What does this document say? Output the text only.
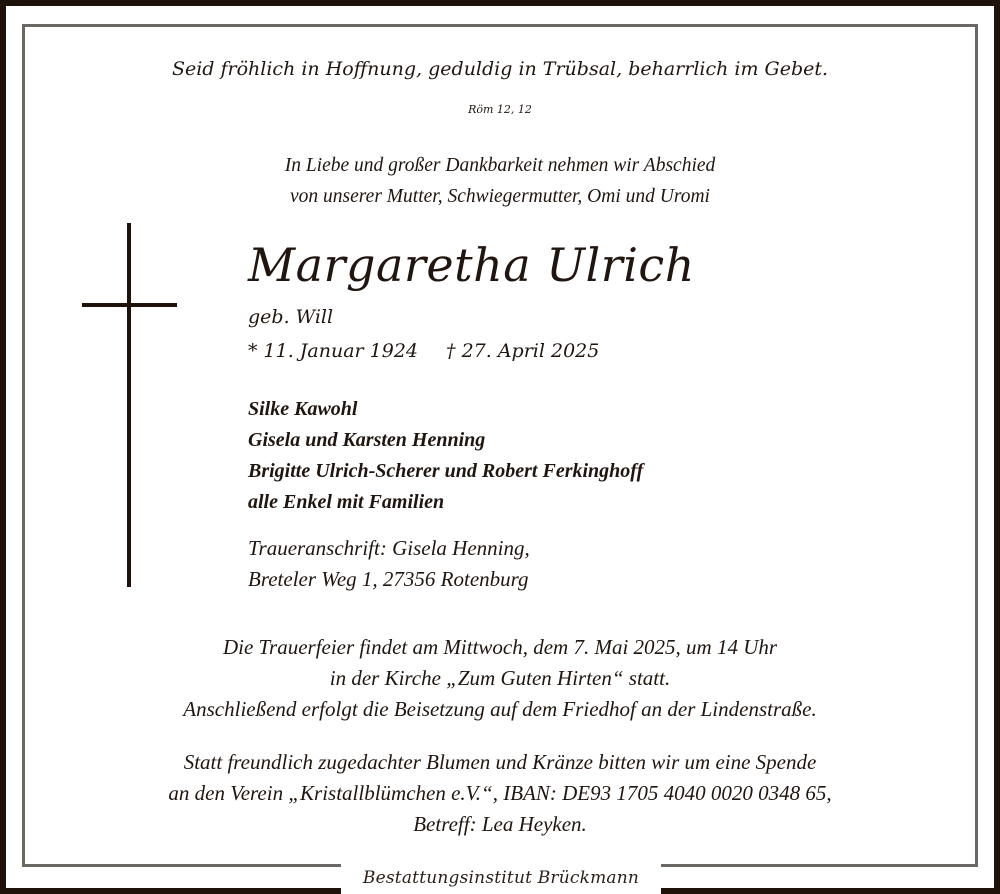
Bestattungsinstitut Brückmann
Seid fröhlich in Hoffnung, geduldig in Trübsal, beharrlich im Gebet.
Röm 12, 12
In Liebe und großer Dankbarkeit nehmen wir Abschied
von unserer Mutter, Schwiegermutter, Omi und Uromi
Margaretha Ulrich
geb. Will
* 11. Januar 1924 † 27. April 2025
Silke Kawohl
Gisela und Karsten Henning
Brigitte Ulrich-Scherer und Robert Ferkinghoff
alle Enkel mit Familien
Traueranschrift: Gisela Henning,
Breteler Weg 1, 27356 Rotenburg
Die Trauerfeier findet am Mittwoch, dem 7. Mai 2025, um 14 Uhr
in der Kirche „Zum Guten Hirten“ statt.
Anschließend erfolgt die Beisetzung auf dem Friedhof an der Lindenstraße.
Statt freundlich zugedachter Blumen und Kränze bitten wir um eine Spende
an den Verein „Kristallblümchen e.V.“, IBAN: DE93 1705 4040 0020 0348 65,
Betreff: Lea Heyken.
